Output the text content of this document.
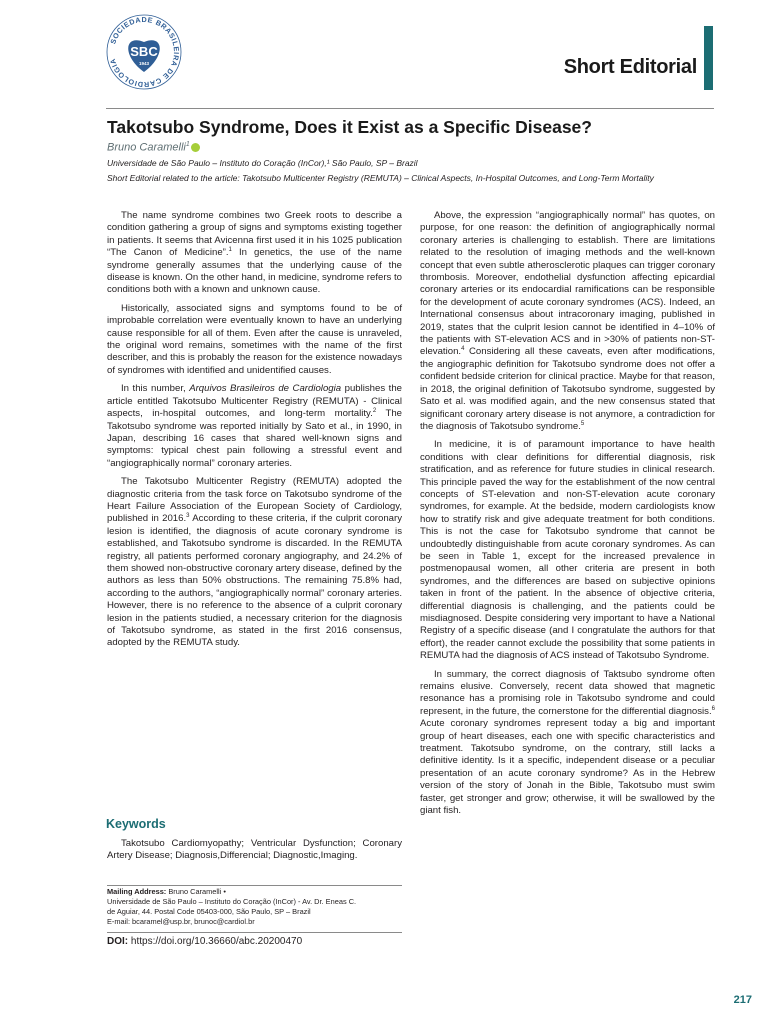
SOCIEDADE BRASILEIRA DE CARDIOLOGIA
SBC
1943	Short Editorial
Takotsubo Syndrome, Does it Exist as a Specific Disease?
Bruno Caramelli$^1$
Universidade de São Paulo – Instituto do Coração (InCor),¹ São Paulo, SP – Brazil
Short Editorial related to the article: Takotsubo Multicenter Registry (REMUTA) – Clinical Aspects, In-Hospital Outcomes, and Long-Term Mortality

The name syndrome combines two Greek roots to describe a condition gathering a group of signs and symptoms existing together in patients. It seems that Avicenna first used it in his 1025 publication “The Canon of Medicine”.$^1$ In genetics, the use of the name syndrome generally assumes that the underlying cause of the disease is known. On the other hand, in medicine, syndrome refers to conditions both with a known and unknown cause.

Historically, associated signs and symptoms found to be of improbable correlation were eventually known to have an underlying cause responsible for all of them. Even after the cause is unraveled, the original word remains, sometimes with the name of the first describer, and this is probably the reason for the existence nowadays of syndromes with identified and unidentified causes.

In this number, Arquivos Brasileiros de Cardiologia publishes the article entitled Takotsubo Multicenter Registry (REMUTA) - Clinical aspects, in-hospital outcomes, and long-term mortality.$^2$ The Takotsubo syndrome was reported initially by Sato et al., in 1990, in Japan, describing 16 cases that shared well-known signs and symptoms: typical chest pain following a stressful event and “angiographically normal” coronary arteries.

The Takotsubo Multicenter Registry (REMUTA) adopted the diagnostic criteria from the task force on Takotsubo syndrome of the Heart Failure Association of the European Society of Cardiology, published in 2016.$^3$ According to these criteria, if the culprit coronary lesion is identified, the diagnosis of acute coronary syndrome is established, and Takotsubo syndrome is discarded. In the REMUTA registry, all patients performed coronary angiography, and 24.2% of them showed non-obstructive coronary artery disease, defined by the authors as less than 50% obstructions. The remaining 75.8% had, according to the authors, “angiographically normal” coronary arteries. However, there is no reference to the absence of a culprit coronary lesion in the patients studied, a necessary criterion for the diagnosis of Takotsubo syndrome, as stated in the first 2016 consensus, adopted by the REMUTA study.

Above, the expression “angiographically normal” has quotes, on purpose, for one reason: the definition of angiographically normal coronary arteries is challenging to establish. There are limitations related to the resolution of imaging methods and the well-known concept that even subtle atherosclerotic plaques can trigger coronary thrombosis. Moreover, endothelial dysfunction affecting epicardial coronary arteries or its endocardial ramifications can be responsible for the development of acute coronary syndromes (ACS). Indeed, an International consensus about intracoronary imaging, published in 2019, states that the culprit lesion cannot be identified in 4–10% of the patients with ST-elevation ACS and in >30% of patients non-ST-elevation.$^4$ Considering all these caveats, even after modifications, the angiographic definition for Takotsubo syndrome does not offer a confident bedside criterion for clinical practice. Maybe for that reason, in 2018, the original definition of Takotsubo syndrome, suggested by Sato et al. was modified again, and the new consensus stated that significant coronary artery disease is not anymore, a contradiction for the diagnosis of Takotsubo syndrome.$^5$

In medicine, it is of paramount importance to have health conditions with clear definitions for differential diagnosis, risk stratification, and as reference for future studies in clinical research. This principle paved the way for the establishment of the now central concepts of ST-elevation and non-ST-elevation acute coronary syndromes, for example. At the bedside, modern cardiologists know how to stratify risk and give adequate treatment for both conditions. This is not the case for Takotsubo syndrome that cannot be undoubtedly distinguishable from acute coronary syndromes. As can be seen in Table 1, except for the increased prevalence in postmenopausal women, all other criteria are present in both syndromes, and the differences are based on subjective opinions taken in front of the patient. In the absence of objective criteria, differential diagnosis is challenging, and the patients could be misdiagnosed. Despite considering very important to have a National Registry of a specific disease (and I congratulate the authors for that effort), the reader cannot exclude the possibility that some patients in REMUTA had the diagnosis of ACS instead of Takotsubo Syndrome.

In summary, the correct diagnosis of Taktsubo syndrome often remains elusive. Conversely, recent data showed that magnetic resonance has a promising role in Takotsubo syndrome and could represent, in the future, the cornerstone for the differential diagnosis.$^6$ Acute coronary syndromes represent today a big and important group of heart diseases, each one with specific characteristics and treatment. Takotsubo syndrome, on the contrary, still lacks a definitive identity. Is it a specific, independent disease or a peculiar presentation of an acute coronary syndrome? As in the Hebrew version of the story of Jonah in the Bible, Takotsubo must swim faster, get stronger and grow; otherwise, it will be swallowed by the giant fish.

Keywords
Takotsubo Cardiomyopathy; Ventricular Dysfunction; Coronary Artery Disease; Diagnosis,Differencial; Diagnostic,Imaging.
Mailing Address: Bruno Caramelli •
Universidade de São Paulo – Instituto do Coração (InCor) - Av. Dr. Eneas C.
de Aguiar, 44. Postal Code 05403-000, São Paulo, SP – Brazil
E-mail: bcaramel@usp.br, brunoc@cardiol.br
DOI: https://doi.org/10.36660/abc.20200470
217
